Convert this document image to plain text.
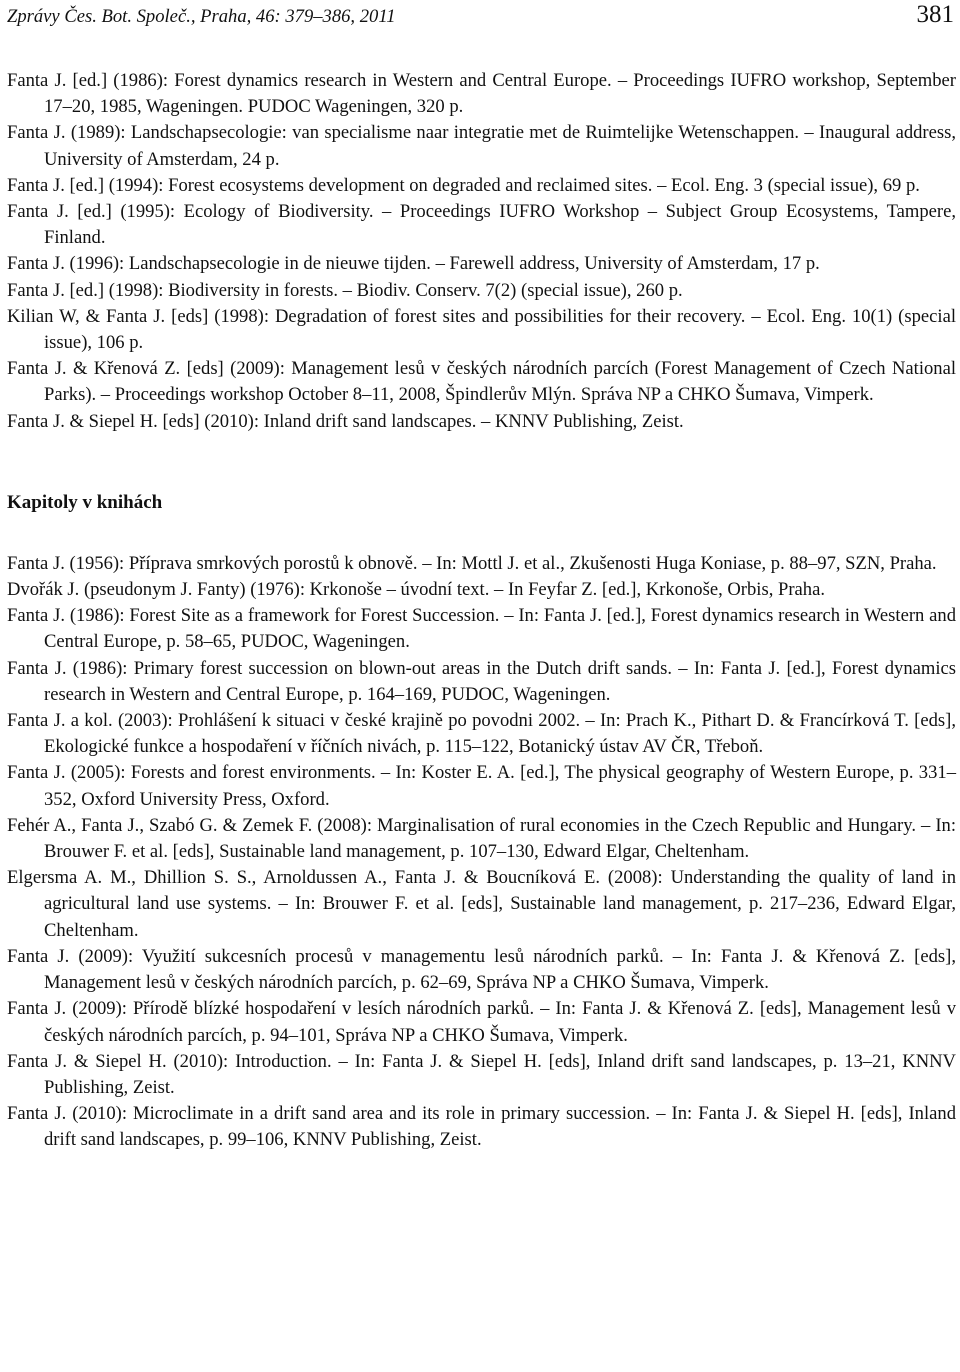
Zprávy Čes. Bot. Společ., Praha, 46: 379–386, 2011	381

Fanta J. [ed.] (1986): Forest dynamics research in Western and Central Europe. – Proceedings IUFRO workshop, September 17–20, 1985, Wageningen. PUDOC Wageningen, 320 p.

Fanta J. (1989): Landschapsecologie: van specialisme naar integratie met de Ruimtelijke Wetenschappen. – Inaugural address, University of Amsterdam, 24 p.

Fanta J. [ed.] (1994): Forest ecosystems development on degraded and reclaimed sites. – Ecol. Eng. 3 (special issue), 69 p.

Fanta J. [ed.] (1995): Ecology of Biodiversity. – Proceedings IUFRO Workshop – Subject Group Ecosystems, Tampere, Finland.

Fanta J. (1996): Landschapsecologie in de nieuwe tijden. – Farewell address, University of Amsterdam, 17 p.

Fanta J. [ed.] (1998): Biodiversity in forests. – Biodiv. Conserv. 7(2) (special issue), 260 p.

Kilian W, & Fanta J. [eds] (1998): Degradation of forest sites and possibilities for their recovery. – Ecol. Eng. 10(1) (special issue), 106 p.

Fanta J. & Křenová Z. [eds] (2009): Management lesů v českých národních parcích (Forest Management of Czech National Parks). – Proceedings workshop October 8–11, 2008, Špindlerův Mlýn. Správa NP a CHKO Šumava, Vimperk.

Fanta J. & Siepel H. [eds] (2010): Inland drift sand landscapes. – KNNV Publishing, Zeist.

Kapitoly v knihách

Fanta J. (1956): Příprava smrkových porostů k obnově. – In: Mottl J. et al., Zkušenosti Huga Koniase, p. 88–97, SZN, Praha.

Dvořák J. (pseudonym J. Fanty) (1976): Krkonoše – úvodní text. – In Feyfar Z. [ed.], Krkonoše, Orbis, Praha.

Fanta J. (1986): Forest Site as a framework for Forest Succession. – In: Fanta J. [ed.], Forest dynamics research in Western and Central Europe, p. 58–65, PUDOC, Wageningen.

Fanta J. (1986): Primary forest succession on blown-out areas in the Dutch drift sands. – In: Fanta J. [ed.], Forest dynamics research in Western and Central Europe, p. 164–169, PUDOC, Wageningen.

Fanta J. a kol. (2003): Prohlášení k situaci v české krajině po povodni 2002. – In: Prach K., Pithart D. & Francírková T. [eds], Ekologické funkce a hospodaření v říčních nivách, p. 115–122, Botanický ústav AV ČR, Třeboň.

Fanta J. (2005): Forests and forest environments. – In: Koster E. A. [ed.], The physical geography of Western Europe, p. 331–352, Oxford University Press, Oxford.

Fehér A., Fanta J., Szabó G. & Zemek F. (2008): Marginalisation of rural economies in the Czech Republic and Hungary. – In: Brouwer F. et al. [eds], Sustainable land management, p. 107–130, Edward Elgar, Cheltenham.

Elgersma A. M., Dhillion S. S., Arnoldussen A., Fanta J. & Boucníková E. (2008): Understanding the quality of land in agricultural land use systems. – In: Brouwer F. et al. [eds], Sustainable land management, p. 217–236, Edward Elgar, Cheltenham.

Fanta J. (2009): Využití sukcesních procesů v managementu lesů národních parků. – In: Fanta J. & Křenová Z. [eds], Management lesů v českých národních parcích, p. 62–69, Správa NP a CHKO Šumava, Vimperk.

Fanta J. (2009): Přírodě blízké hospodaření v lesích národních parků. – In: Fanta J. & Křenová Z. [eds], Management lesů v českých národních parcích, p. 94–101, Správa NP a CHKO Šumava, Vimperk.

Fanta J. & Siepel H. (2010): Introduction. – In: Fanta J. & Siepel H. [eds], Inland drift sand landscapes, p. 13–21, KNNV Publishing, Zeist.

Fanta J. (2010): Microclimate in a drift sand area and its role in primary succession. – In: Fanta J. & Siepel H. [eds], Inland drift sand landscapes, p. 99–106, KNNV Publishing, Zeist.
